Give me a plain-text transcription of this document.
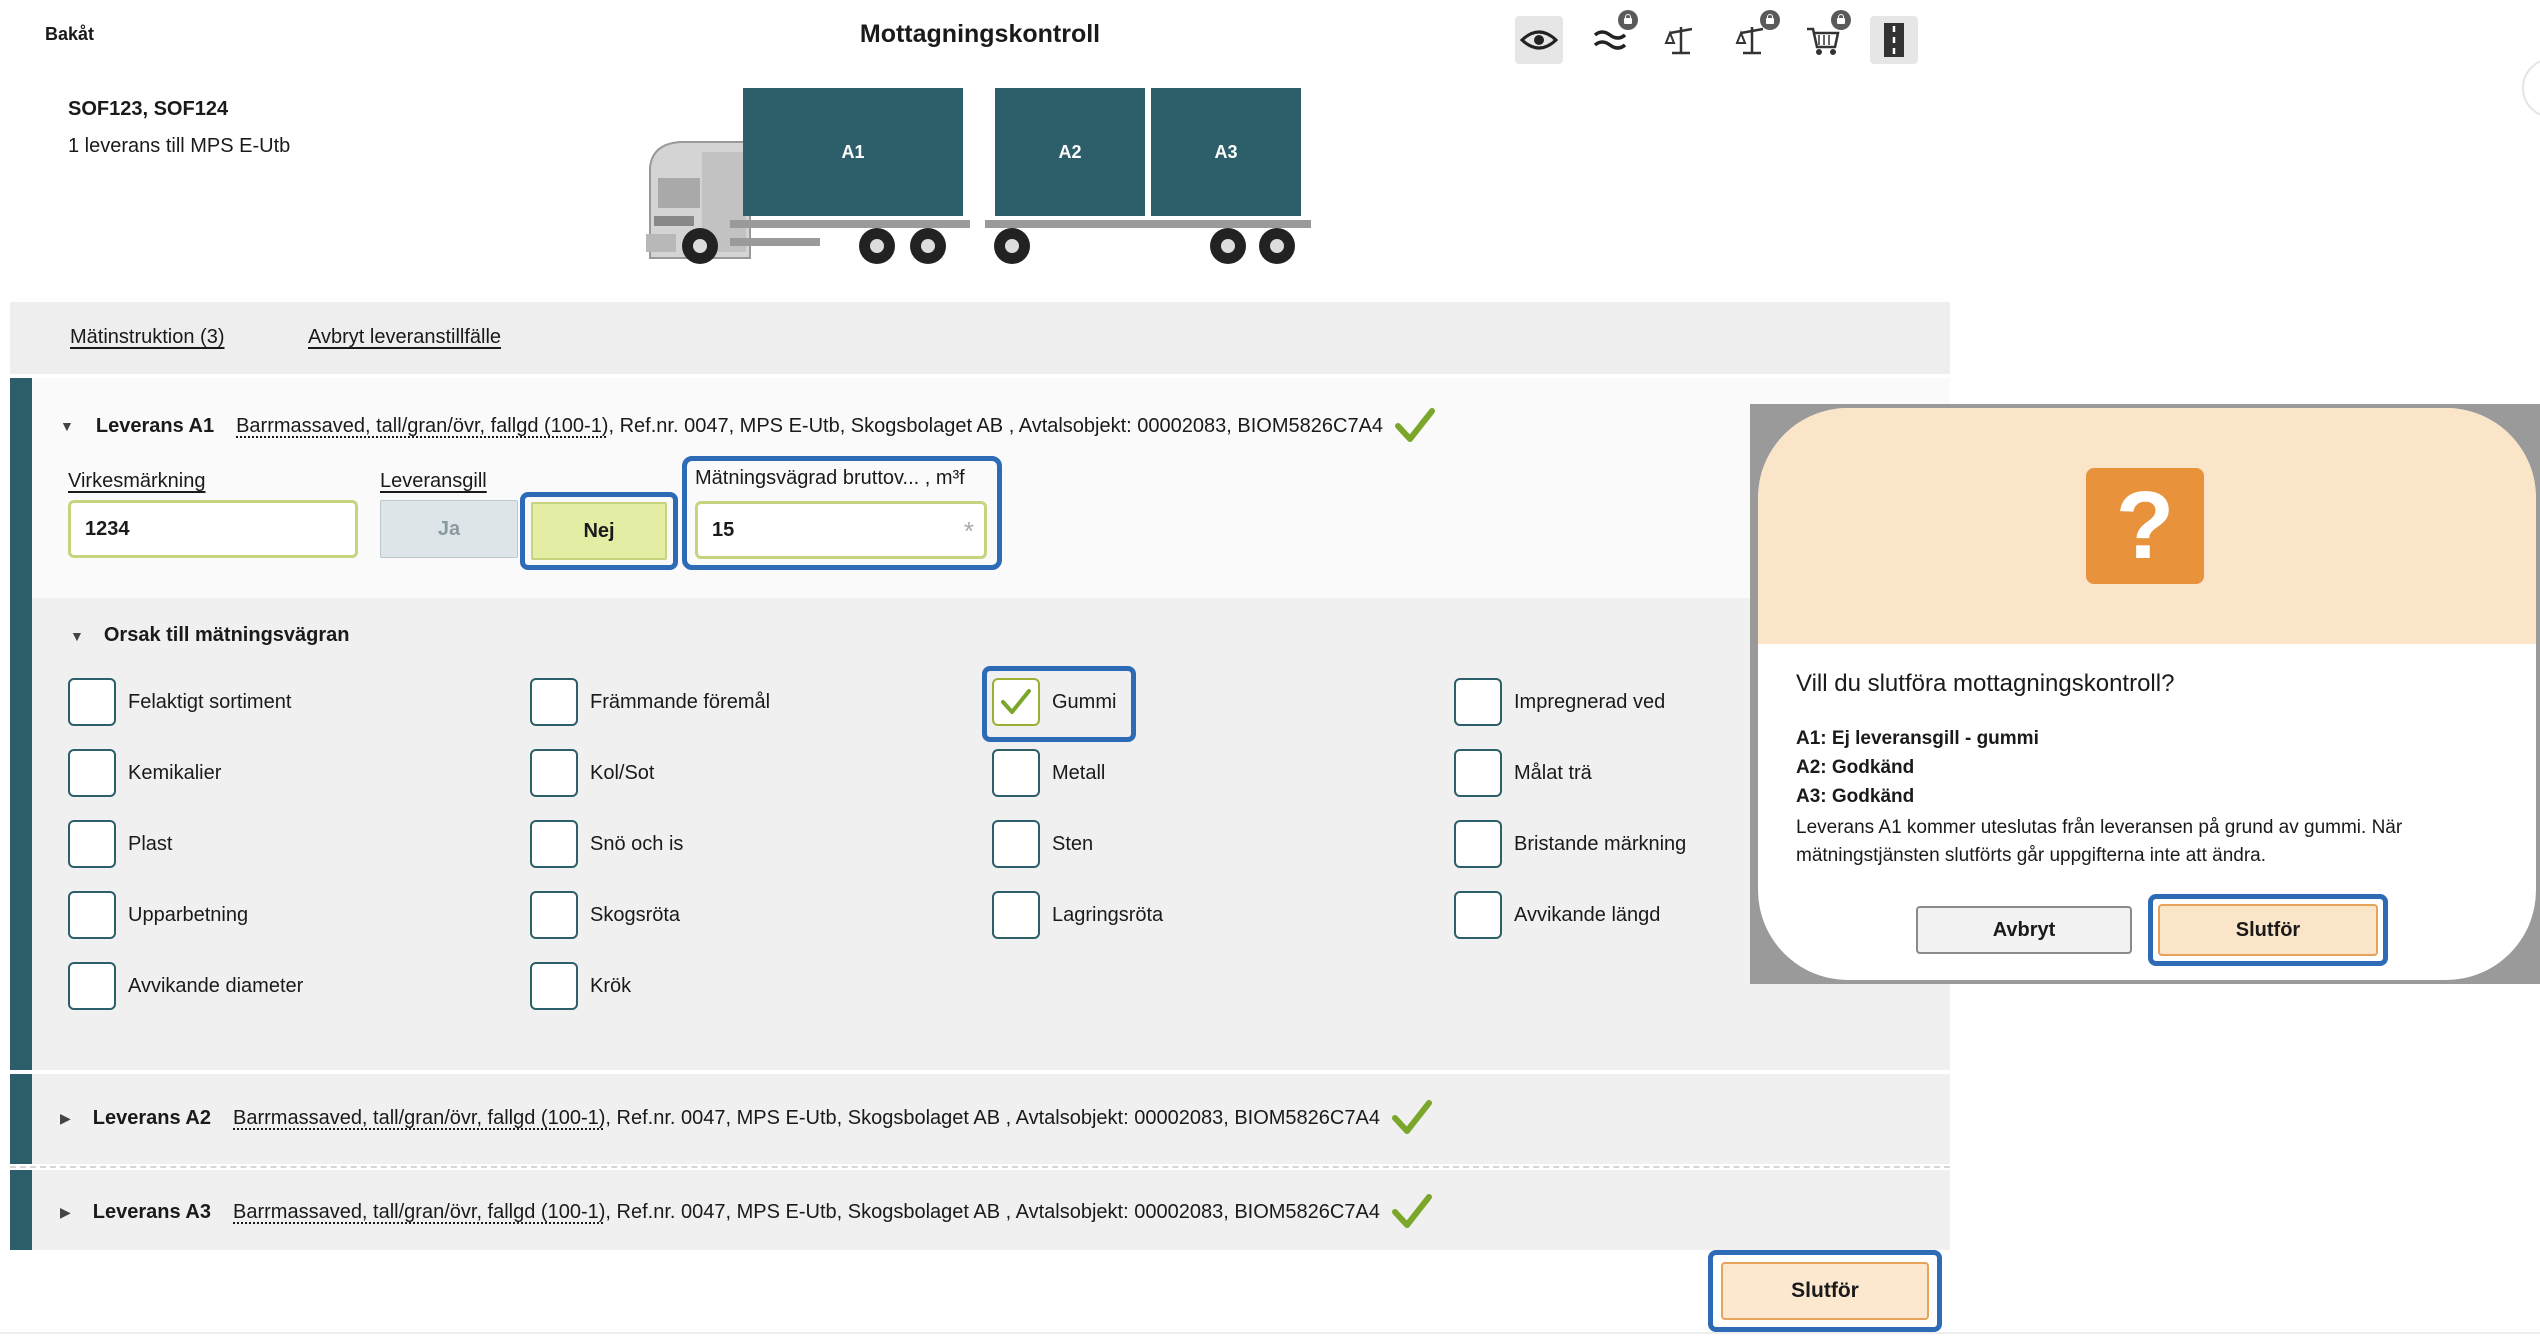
Bakåt	Mottagningskontroll
SOF123, SOF124
1 leverans till MPS E-Utb	A1	A2	A3
Mätinstruktion (3)	Avbryt leveranstillfälle
▼ Leverans A1 Barrmassaved, tall/gran/övr, fallgd (100-1) , Ref.nr. 0047, MPS E-Utb, Skogsbolaget AB , Avtalsobjekt: 00002083, BIOM5826C7A4
Virkesmärkning
1234
Leveransgill
Ja	Nej
Mätningsvägrad bruttov... , m³f
15	*
▼ Orsak till mätningsvägran
Felaktigt sortiment	Främmande föremål	Gummi	Impregnerad ved
Kemikalier	Kol/Sot	Metall	Målat trä
Plast	Snö och is	Sten	Bristande märkning
Upparbetning	Skogsröta	Lagringsröta	Avvikande längd
Avvikande diameter	Krök
▶ Leverans A2 Barrmassaved, tall/gran/övr, fallgd (100-1) , Ref.nr. 0047, MPS E-Utb, Skogsbolaget AB , Avtalsobjekt: 00002083, BIOM5826C7A4
▶ Leverans A3 Barrmassaved, tall/gran/övr, fallgd (100-1) , Ref.nr. 0047, MPS E-Utb, Skogsbolaget AB , Avtalsobjekt: 00002083, BIOM5826C7A4
Slutför
?
Vill du slutföra mottagningskontroll?
A1: Ej leveransgill - gummi
A2: Godkänd
A3: Godkänd
Leverans A1 kommer uteslutas från leveransen på grund av gummi. När mätningstjänsten slutförts går uppgifterna inte att ändra.
Avbryt	Slutför
